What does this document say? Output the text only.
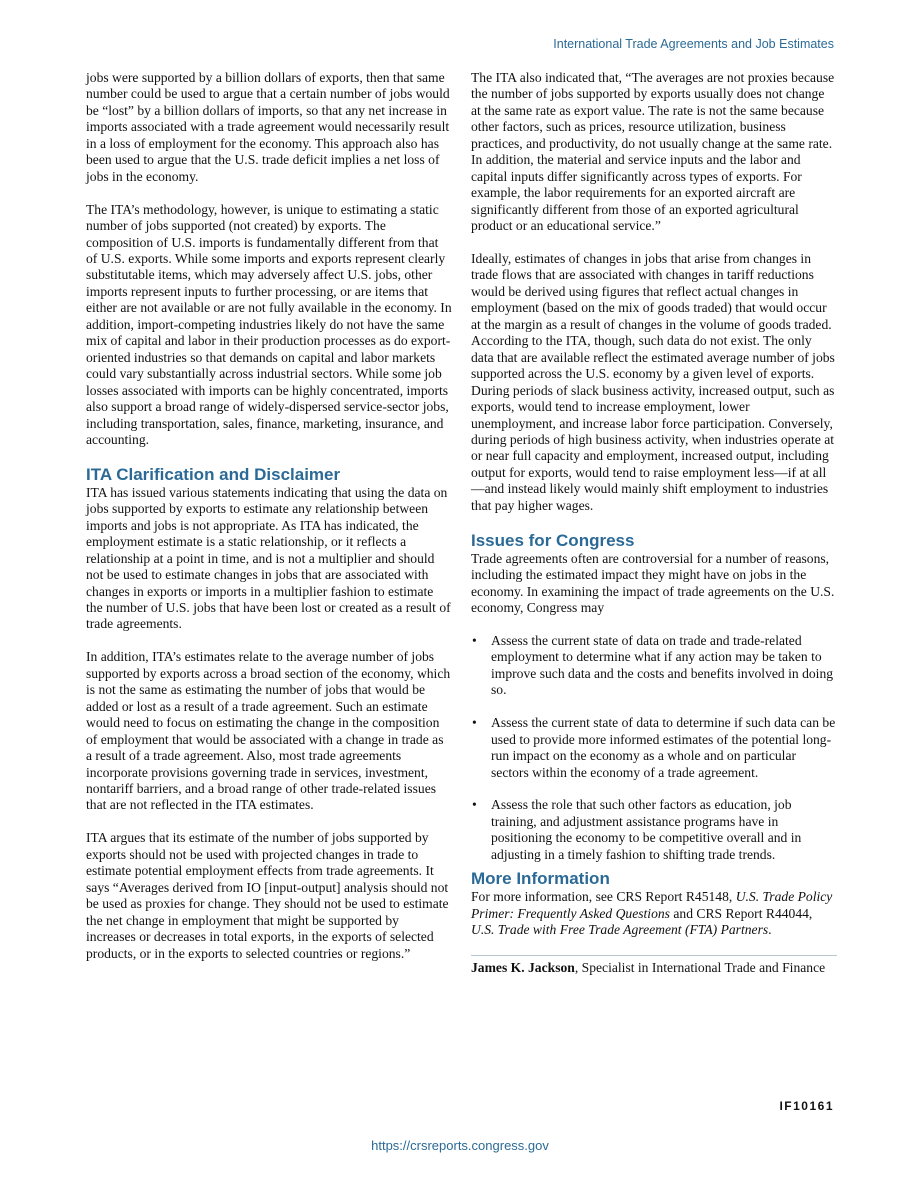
International Trade Agreements and Job Estimates

jobs were supported by a billion dollars of exports, then that same number could be used to argue that a certain number of jobs would be “lost” by a billion dollars of imports, so that any net increase in imports associated with a trade agreement would necessarily result in a loss of employment for the economy. This approach also has been used to argue that the U.S. trade deficit implies a net loss of jobs in the economy.

The ITA’s methodology, however, is unique to estimating a static number of jobs supported (not created) by exports. The composition of U.S. imports is fundamentally different from that of U.S. exports. While some imports and exports represent clearly substitutable items, which may adversely affect U.S. jobs, other imports represent inputs to further processing, or are items that either are not available or are not fully available in the economy. In addition, import-competing industries likely do not have the same mix of capital and labor in their production processes as do export-oriented industries so that demands on capital and labor markets could vary substantially across industrial sectors. While some job losses associated with imports can be highly concentrated, imports also support a broad range of widely-dispersed service-sector jobs, including transportation, sales, finance, marketing, insurance, and accounting.

ITA Clarification and Disclaimer

ITA has issued various statements indicating that using the data on jobs supported by exports to estimate any relationship between imports and jobs is not appropriate. As ITA has indicated, the employment estimate is a static relationship, or it reflects a relationship at a point in time, and is not a multiplier and should not be used to estimate changes in jobs that are associated with changes in exports or imports in a multiplier fashion to estimate the number of U.S. jobs that have been lost or created as a result of trade agreements.

In addition, ITA’s estimates relate to the average number of jobs supported by exports across a broad section of the economy, which is not the same as estimating the number of jobs that would be added or lost as a result of a trade agreement. Such an estimate would need to focus on estimating the change in the composition of employment that would be associated with a change in trade as a result of a trade agreement. Also, most trade agreements incorporate provisions governing trade in services, investment, nontariff barriers, and a broad range of other trade-related issues that are not reflected in the ITA estimates.

ITA argues that its estimate of the number of jobs supported by exports should not be used with projected changes in trade to estimate potential employment effects from trade agreements. It says “Averages derived from IO [input-output] analysis should not be used as proxies for change. They should not be used to estimate the net change in employment that might be supported by increases or decreases in total exports, in the exports of selected products, or in the exports to selected countries or regions.”

The ITA also indicated that, “The averages are not proxies because the number of jobs supported by exports usually does not change at the same rate as export value. The rate is not the same because other factors, such as prices, resource utilization, business practices, and productivity, do not usually change at the same rate. In addition, the material and service inputs and the labor and capital inputs differ significantly across types of exports. For example, the labor requirements for an exported aircraft are significantly different from those of an exported agricultural product or an educational service.”

Ideally, estimates of changes in jobs that arise from changes in trade flows that are associated with changes in tariff reductions would be derived using figures that reflect actual changes in employment (based on the mix of goods traded) that would occur at the margin as a result of changes in the volume of goods traded. According to the ITA, though, such data do not exist. The only data that are available reflect the estimated average number of jobs supported across the U.S. economy by a given level of exports. During periods of slack business activity, increased output, such as exports, would tend to increase employment, lower unemployment, and increase labor force participation. Conversely, during periods of high business activity, when industries operate at or near full capacity and employment, increased output, including output for exports, would tend to raise employment less—if at all—and instead likely would mainly shift employment to industries that pay higher wages.

Issues for Congress

Trade agreements often are controversial for a number of reasons, including the estimated impact they might have on jobs in the economy. In examining the impact of trade agreements on the U.S. economy, Congress may

• Assess the current state of data on trade and trade-related employment to determine what if any action may be taken to improve such data and the costs and benefits involved in doing so.
• Assess the current state of data to determine if such data can be used to provide more informed estimates of the potential long-run impact on the economy as a whole and on particular sectors within the economy of a trade agreement.
• Assess the role that such other factors as education, job training, and adjustment assistance programs have in positioning the economy to be competitive overall and in adjusting in a timely fashion to shifting trade trends.
More Information

For more information, see CRS Report R45148, U.S. Trade Policy Primer: Frequently Asked Questions and CRS Report R44044, U.S. Trade with Free Trade Agreement (FTA) Partners.

James K. Jackson, Specialist in International Trade and Finance

IF10161
https://crsreports.congress.gov
